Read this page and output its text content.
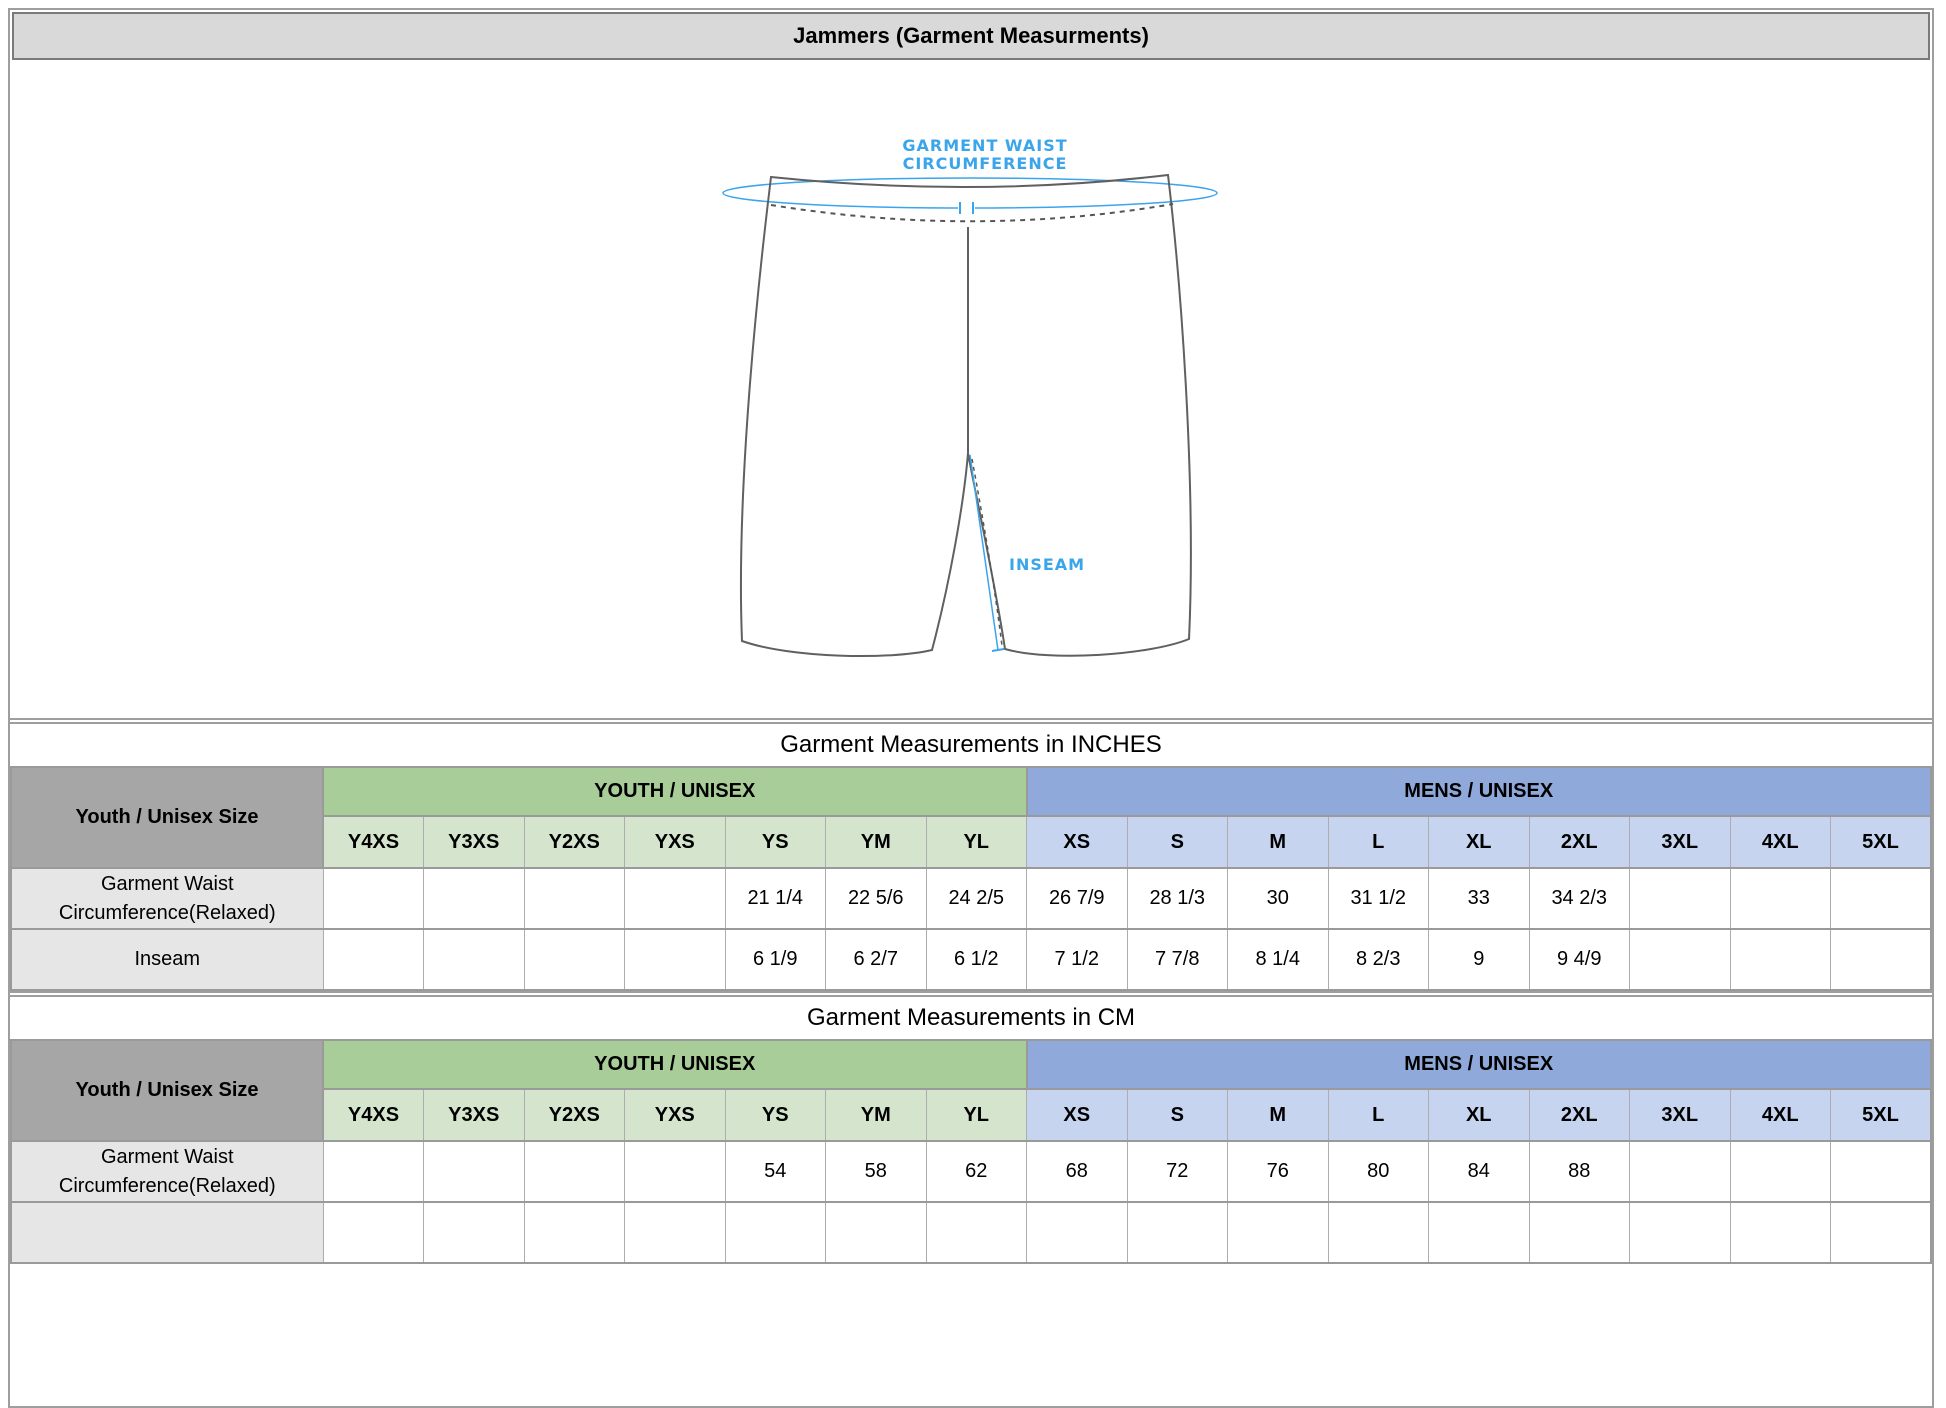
Jammers (Garment Measurments)
GARMENT WAIST
CIRCUMFERENCE
INSEAM
Garment Measurements in INCHES
Youth / Unisex Size	YOUTH / UNISEX							MENS / UNISEX								
	Y4XS	Y3XS	Y2XS	YXS	YS	YM	YL	XS	S	M	L	XL	2XL	3XL	4XL	5XL
Garment Waist Circumference(Relaxed)					21 1/4	22 5/6	24 2/5	26 7/9	28 1/3	30	31 1/2	33	34 2/3			
Inseam					6 1/9	6 2/7	6 1/2	7 1/2	7 7/8	8 1/4	8 2/3	9	9 4/9			
Garment Measurements in CM
Youth / Unisex Size	YOUTH / UNISEX							MENS / UNISEX								
	Y4XS	Y3XS	Y2XS	YXS	YS	YM	YL	XS	S	M	L	XL	2XL	3XL	4XL	5XL
Garment Waist Circumference(Relaxed)					54	58	62	68	72	76	80	84	88			
